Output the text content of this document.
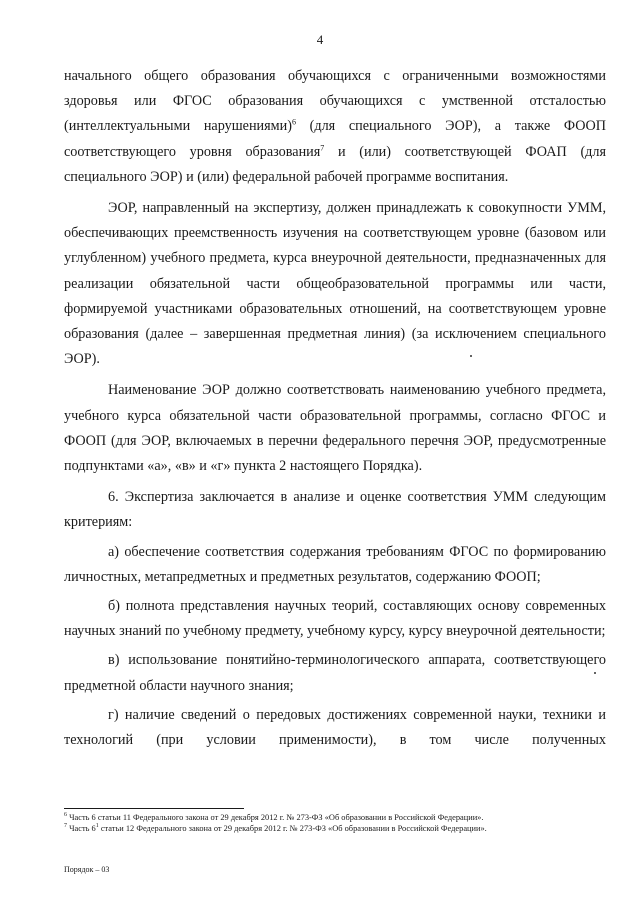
4

начального общего образования обучающихся с ограниченными возможностями здоровья или ФГОС образования обучающихся с умственной отсталостью (интеллектуальными нарушениями)$^6$ (для специального ЭОР), а также ФООП соответствующего уровня образования$^7$ и (или) соответствующей ФОАП (для специального ЭОР) и (или) федеральной рабочей программе воспитания.

ЭОР, направленный на экспертизу, должен принадлежать к совокупности УММ, обеспечивающих преемственность изучения на соответствующем уровне (базовом или углубленном) учебного предмета, курса внеурочной деятельности, предназначенных для реализации обязательной части общеобразовательной программы или части, формируемой участниками образовательных отношений, на соответствующем уровне образования (далее – завершенная предметная линия) (за исключением специального ЭОР).

Наименование ЭОР должно соответствовать наименованию учебного предмета, учебного курса обязательной части образовательной программы, согласно ФГОС и ФООП (для ЭОР, включаемых в перечни федерального перечня ЭОР, предусмотренные подпунктами «а», «в» и «г» пункта 2 настоящего Порядка).

6. Экспертиза заключается в анализе и оценке соответствия УММ следующим критериям:

а) обеспечение соответствия содержания требованиям ФГОС по формированию личностных, метапредметных и предметных результатов, содержанию ФООП;

б) полнота представления научных теорий, составляющих основу современных научных знаний по учебному предмету, учебному курсу, курсу внеурочной деятельности;

в) использование понятийно-терминологического аппарата, соответствующего предметной области научного знания;

г) наличие сведений о передовых достижениях современной науки, техники и технологий (при условии применимости), в том числе полученных

$^6$ Часть 6 статьи 11 Федерального закона от 29 декабря 2012 г. № 273-ФЗ «Об образовании в Российской Федерации».

$^7$ Часть $6^1$ статьи 12 Федерального закона от 29 декабря 2012 г. № 273-ФЗ «Об образовании в Российской Федерации».

Порядок – 03
